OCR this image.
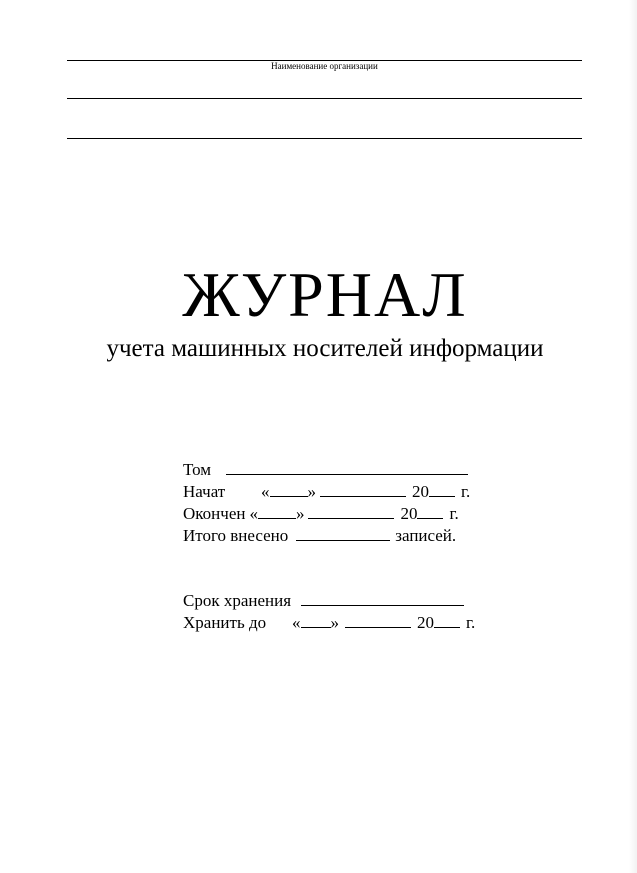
Наименование организации
ЖУРНАЛ
учета машинных носителей информации
Том
Начат « »	20 г.
Окончен « »	20 г.
Итого внесено	записей.
Срок хранения
Хранить до « »	20 г.
